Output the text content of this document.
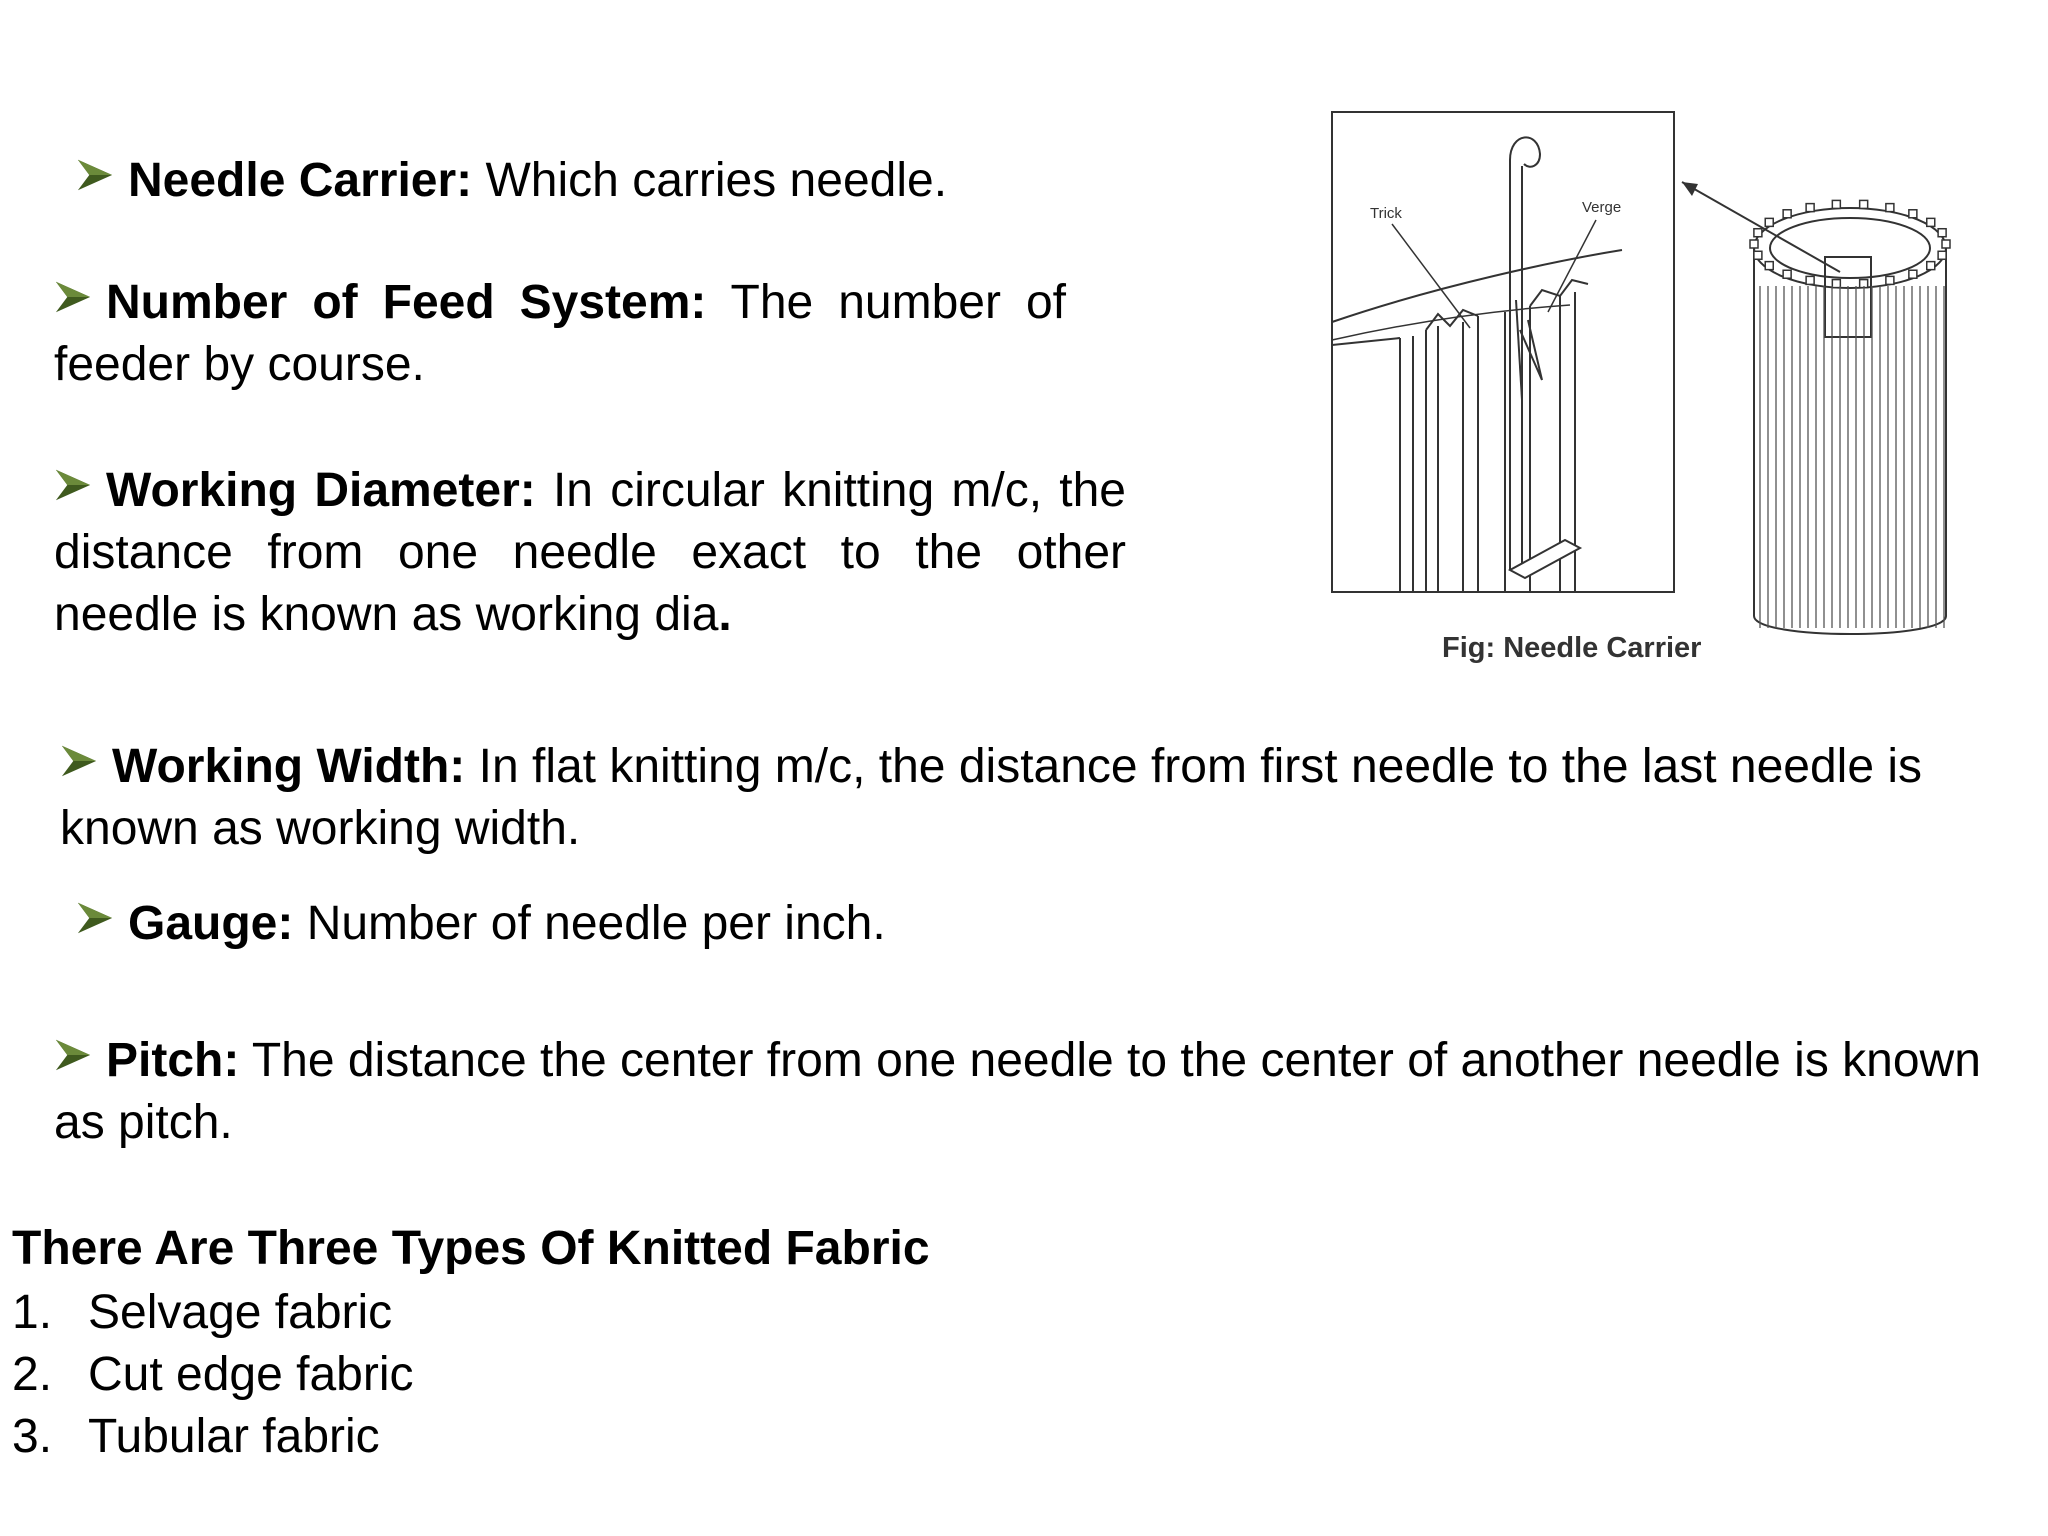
Needle Carrier: Which carries needle.
Number of Feed System: The number of feeder by course.
Working Diameter: In circular knitting m/c, the distance from one needle exact to the other needle is known as working dia.
Trick	Verge
Fig: Needle Carrier
Working Width: In flat knitting m/c, the distance from first needle to the last needle is known as working width.
Gauge: Number of needle per inch.
Pitch: The distance the center from one needle to the center of another needle is known as pitch.
There Are Three Types Of Knitted Fabric
1. Selvage fabric
2. Cut edge fabric
3. Tubular fabric
